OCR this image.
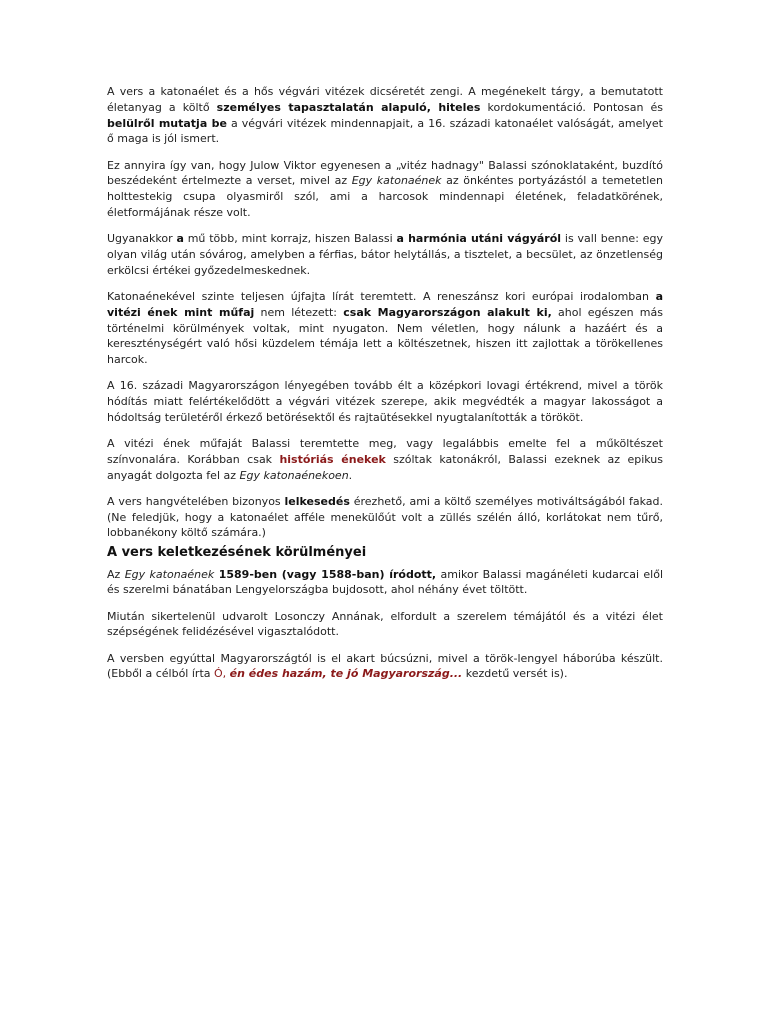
A vers a katonaélet és a hős végvári vitézek dicséretét zengi. A megénekelt tárgy, a bemutatott életanyag a költő személyes tapasztalatán alapuló, hiteles kordokumentáció. Pontosan és belülről mutatja be a végvári vitézek mindennapjait, a 16. századi katonaélet valóságát, amelyet ő maga is jól ismert.

Ez annyira így van, hogy Julow Viktor egyenesen a „vitéz hadnagy" Balassi szónoklataként, buzdító beszédeként értelmezte a verset, mivel az Egy katonaének az önkéntes portyázástól a temetetlen holttestekig csupa olyasmiről szól, ami a harcosok mindennapi életének, feladatkörének, életformájának része volt.

Ugyanakkor a mű több, mint korrajz, hiszen Balassi a harmónia utáni vágyáról is vall benne: egy olyan világ után sóvárog, amelyben a férfias, bátor helytállás, a tisztelet, a becsület, az önzetlenség erkölcsi értékei győzedelmeskednek.

Katonaénekével szinte teljesen újfajta lírát teremtett. A reneszánsz kori európai irodalomban a vitézi ének mint műfaj nem létezett: csak Magyarországon alakult ki, ahol egészen más történelmi körülmények voltak, mint nyugaton. Nem véletlen, hogy nálunk a hazáért és a kereszténységért való hősi küzdelem témája lett a költészetnek, hiszen itt zajlottak a törökellenes harcok.

A 16. századi Magyarországon lényegében tovább élt a középkori lovagi értékrend, mivel a török hódítás miatt felértékelődött a végvári vitézek szerepe, akik megvédték a magyar lakosságot a hódoltság területéről érkező betörésektől és rajtaütésekkel nyugtalanították a törököt.

A vitézi ének műfaját Balassi teremtette meg, vagy legalábbis emelte fel a műköltészet színvonalára. Korábban csak históriás énekek szóltak katonákról, Balassi ezeknek az epikus anyagát dolgozta fel az Egy katonaénekoen.

A vers hangvételében bizonyos lelkesedés érezhető, ami a költő személyes motiváltságából fakad. (Ne feledjük, hogy a katonaélet afféle menekülőút volt a züllés szélén álló, korlátokat nem tűrő, lobbanékony költő számára.)

A vers keletkezésének körülményei

Az Egy katonaének 1589-ben (vagy 1588-ban) íródott, amikor Balassi magánéleti kudarcai elől és szerelmi bánatában Lengyelországba bujdosott, ahol néhány évet töltött.

Miután sikertelenül udvarolt Losonczy Annának, elfordult a szerelem témájától és a vitézi élet szépségének felidézésével vigasztalódott.

A versben egyúttal Magyarországtól is el akart búcsúzni, mivel a török-lengyel háborúba készült. (Ebből a célból írta Ó, én édes hazám, te jó Magyarország... kezdetű versét is).
